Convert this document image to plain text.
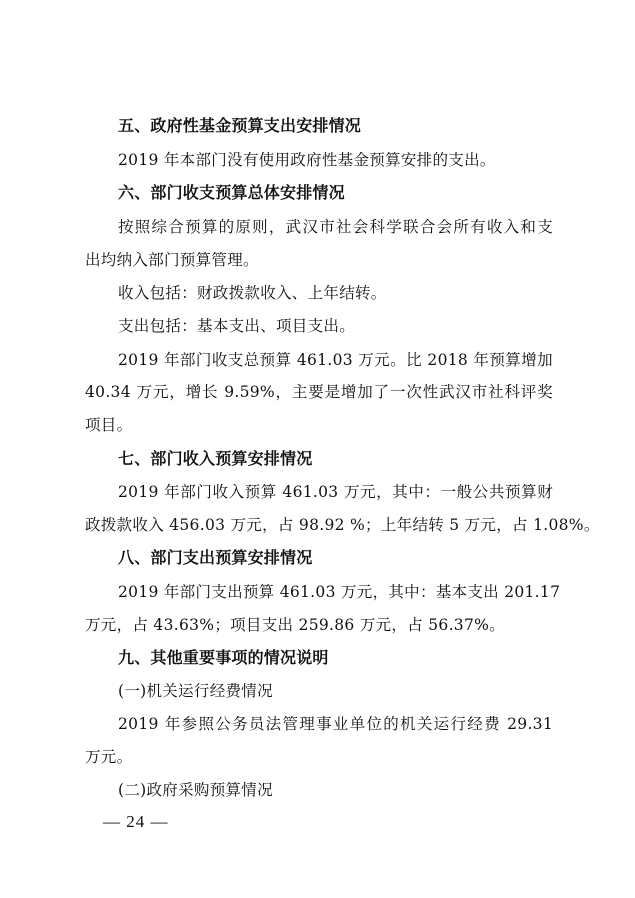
五、政府性基金预算支出安排情况
2019 年本部门没有使用政府性基金预算安排的支出。
六、部门收支预算总体安排情况
按照综合预算的原则，武汉市社会科学联合会所有收入和支
出均纳入部门预算管理。
收入包括：财政拨款收入、上年结转。
支出包括：基本支出、项目支出。
2019 年部门收支总预算 461.03 万元。比 2018 年预算增加
40.34 万元，增长 9.59%，主要是增加了一次性武汉市社科评奖
项目。
七、部门收入预算安排情况
2019 年部门收入预算 461.03 万元，其中：一般公共预算财
政拨款收入 456.03 万元，占 98.92 %；上年结转 5 万元，占 1.08%。
八、部门支出预算安排情况
2019 年部门支出预算 461.03 万元，其中：基本支出 201.17
万元，占 43.63%；项目支出 259.86 万元，占 56.37%。
九、其他重要事项的情况说明
(一)机关运行经费情况
2019 年参照公务员法管理事业单位的机关运行经费 29.31
万元。
(二)政府采购预算情况
— 24 —
